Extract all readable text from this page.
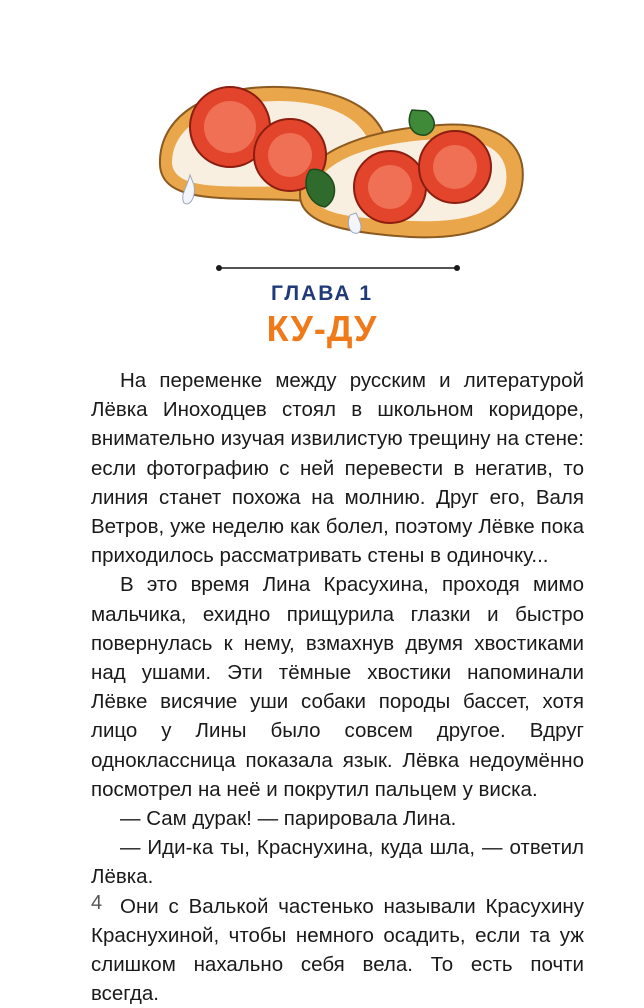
ГЛАВА 1
КУ-ДУ

На переменке между русским и литературой Лёвка Иноходцев стоял в школьном коридоре, внимательно изучая извилистую трещину на стене: если фотографию с ней перевести в негатив, то линия станет похожа на молнию. Друг его, Валя Ветров, уже неделю как болел, поэтому Лёвке пока приходилось рассматривать стены в одиночку...

В это время Лина Красухина, проходя мимо мальчика, ехидно прищурила глазки и быстро повернулась к нему, взмахнув двумя хвостиками над ушами. Эти тёмные хвостики напоминали Лёвке висячие уши собаки породы бассет, хотя лицо у Лины было совсем другое. Вдруг одноклассница показала язык. Лёвка недоумённо посмотрел на неё и покрутил пальцем у виска.

— Сам дурак! — парировала Лина.

— Иди-ка ты, Краснухина, куда шла, — ответил Лёвка.

Они с Валькой частенько называли Красухину Краснухиной, чтобы немного осадить, если та уж слишком нахально себя вела. То есть почти всегда.

4
